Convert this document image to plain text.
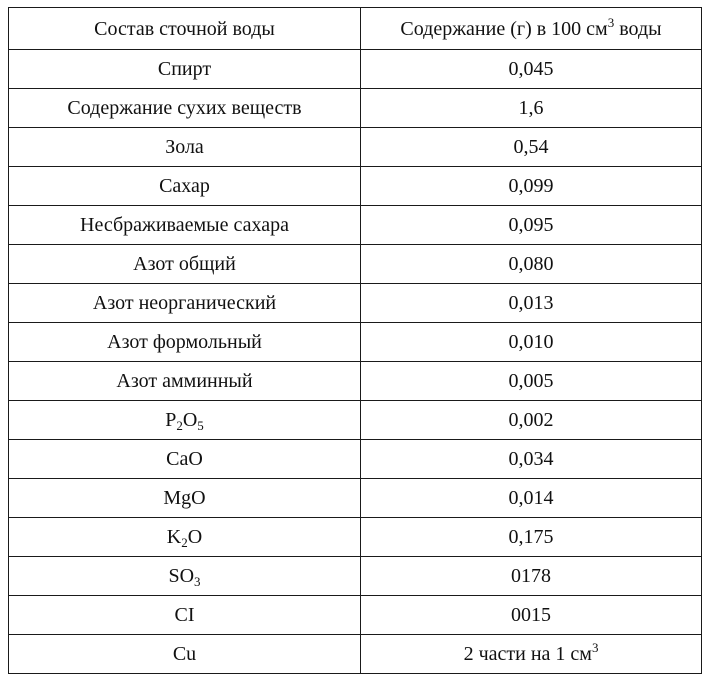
Состав сточной воды	Содержание (г) в 100 $см^3$ воды
Спирт	0,045
Содержание сухих веществ	1,6
Зола	0,54
Сахар	0,099
Несбраживаемые сахара	0,095
Азот общий	0,080
Азот неорганический	0,013
Азот формольный	0,010
Азот амминный	0,005
$P_2O_5$	0,002
CaO	0,034
MgO	0,014
$K_2O$	0,175
$SO_3$	0178
CI	0015
Cu	2 части на 1 $см^3$
